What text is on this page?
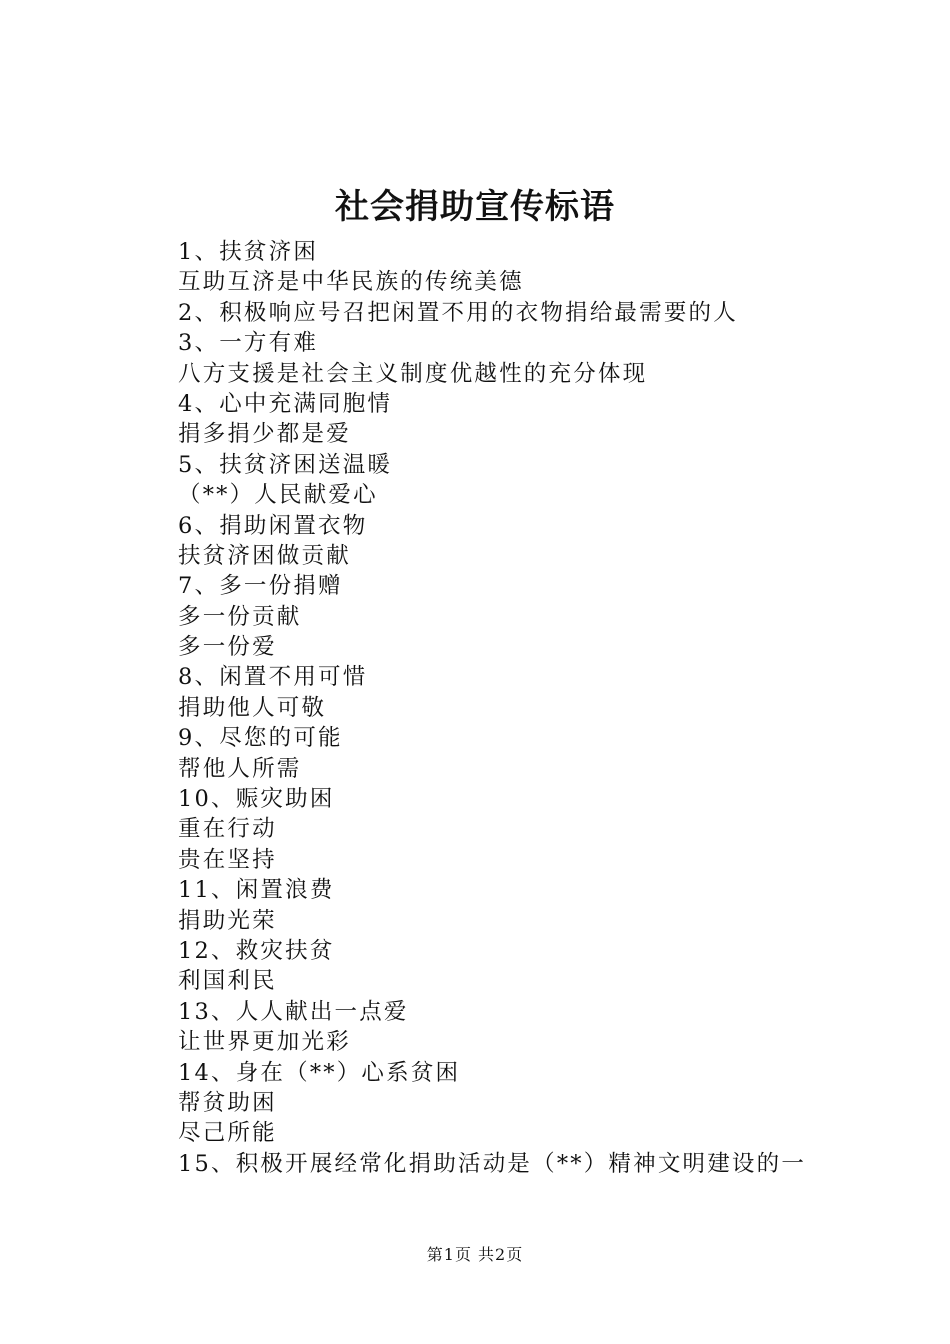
社会捐助宣传标语
1、扶贫济困
互助互济是中华民族的传统美德
2、积极响应号召把闲置不用的衣物捐给最需要的人
3、一方有难
八方支援是社会主义制度优越性的充分体现
4、心中充满同胞情
捐多捐少都是爱
5、扶贫济困送温暖
（**）人民献爱心
6、捐助闲置衣物
扶贫济困做贡献
7、多一份捐赠
多一份贡献
多一份爱
8、闲置不用可惜
捐助他人可敬
9、尽您的可能
帮他人所需
10、赈灾助困
重在行动
贵在坚持
11、闲置浪费
捐助光荣
12、救灾扶贫
利国利民
13、人人献出一点爱
让世界更加光彩
14、身在（**）心系贫困
帮贫助困
尽己所能
15、积极开展经常化捐助活动是（**）精神文明建设的一
第1页 共2页
